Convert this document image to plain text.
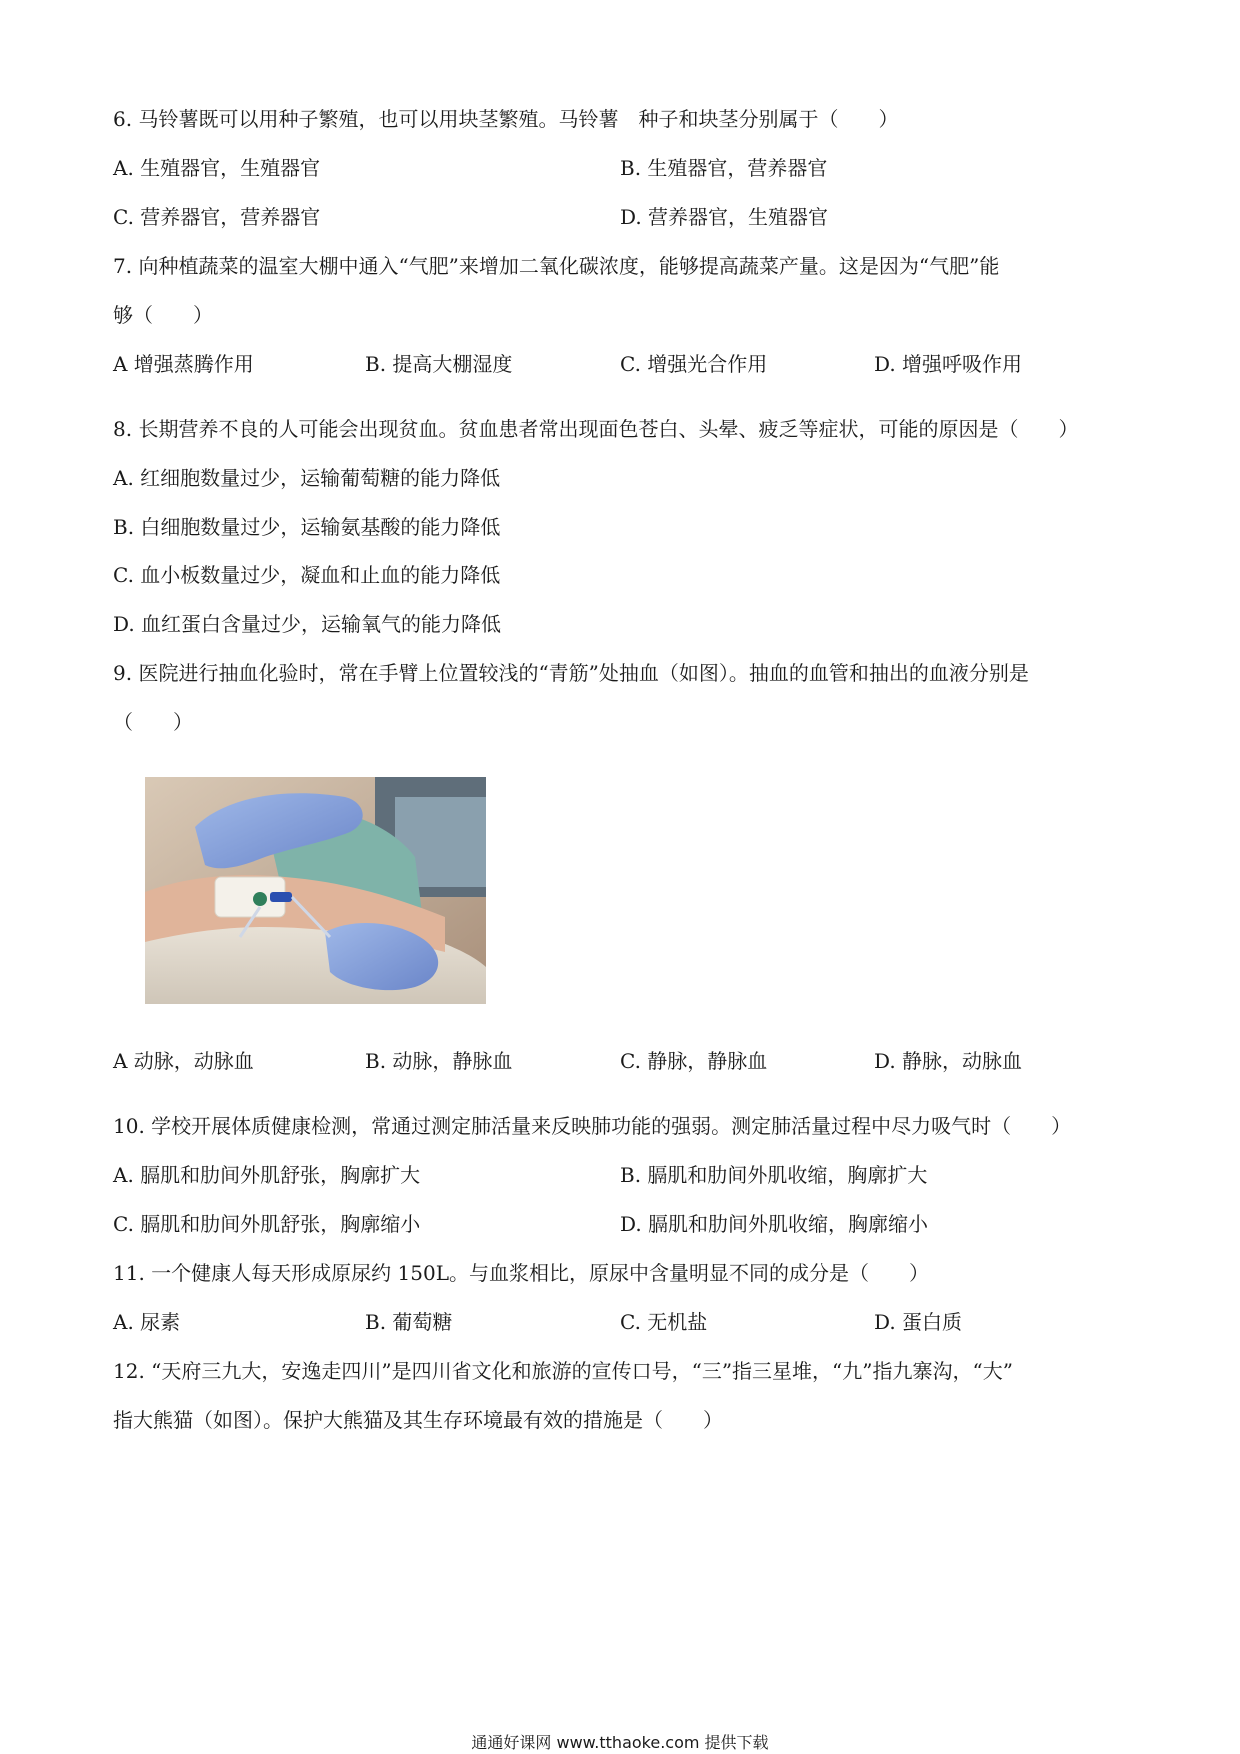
6. 马铃薯既可以用种子繁殖，也可以用块茎繁殖。马铃薯　种子和块茎分别属于（　　）
A. 生殖器官，生殖器官	B. 生殖器官，营养器官
C. 营养器官，营养器官	D. 营养器官，生殖器官
7. 向种植蔬菜的温室大棚中通入“气肥”来增加二氧化碳浓度，能够提高蔬菜产量。这是因为“气肥”能
够（　　）
A 增强蒸腾作用	B. 提高大棚湿度	C. 增强光合作用	D. 增强呼吸作用
8. 长期营养不良的人可能会出现贫血。贫血患者常出现面色苍白、头晕、疲乏等症状，可能的原因是（　　）
A. 红细胞数量过少，运输葡萄糖的能力降低
B. 白细胞数量过少，运输氨基酸的能力降低
C. 血小板数量过少，凝血和止血的能力降低
D. 血红蛋白含量过少，运输氧气的能力降低
9. 医院进行抽血化验时，常在手臂上位置较浅的“青筋”处抽血（如图）。抽血的血管和抽出的血液分别是
（　　）
A 动脉，动脉血	B. 动脉，静脉血	C. 静脉，静脉血	D. 静脉，动脉血
10. 学校开展体质健康检测，常通过测定肺活量来反映肺功能的强弱。测定肺活量过程中尽力吸气时（　　）
A. 膈肌和肋间外肌舒张，胸廓扩大	B. 膈肌和肋间外肌收缩，胸廓扩大
C. 膈肌和肋间外肌舒张，胸廓缩小	D. 膈肌和肋间外肌收缩，胸廓缩小
11. 一个健康人每天形成原尿约 150L。与血浆相比，原尿中含量明显不同的成分是（　　）
A. 尿素	B. 葡萄糖	C. 无机盐	D. 蛋白质
12. “天府三九大，安逸走四川”是四川省文化和旅游的宣传口号，“三”指三星堆，“九”指九寨沟，“大”
指大熊猫（如图）。保护大熊猫及其生存环境最有效的措施是（　　）
通通好课网 www.tthaoke.com 提供下载
